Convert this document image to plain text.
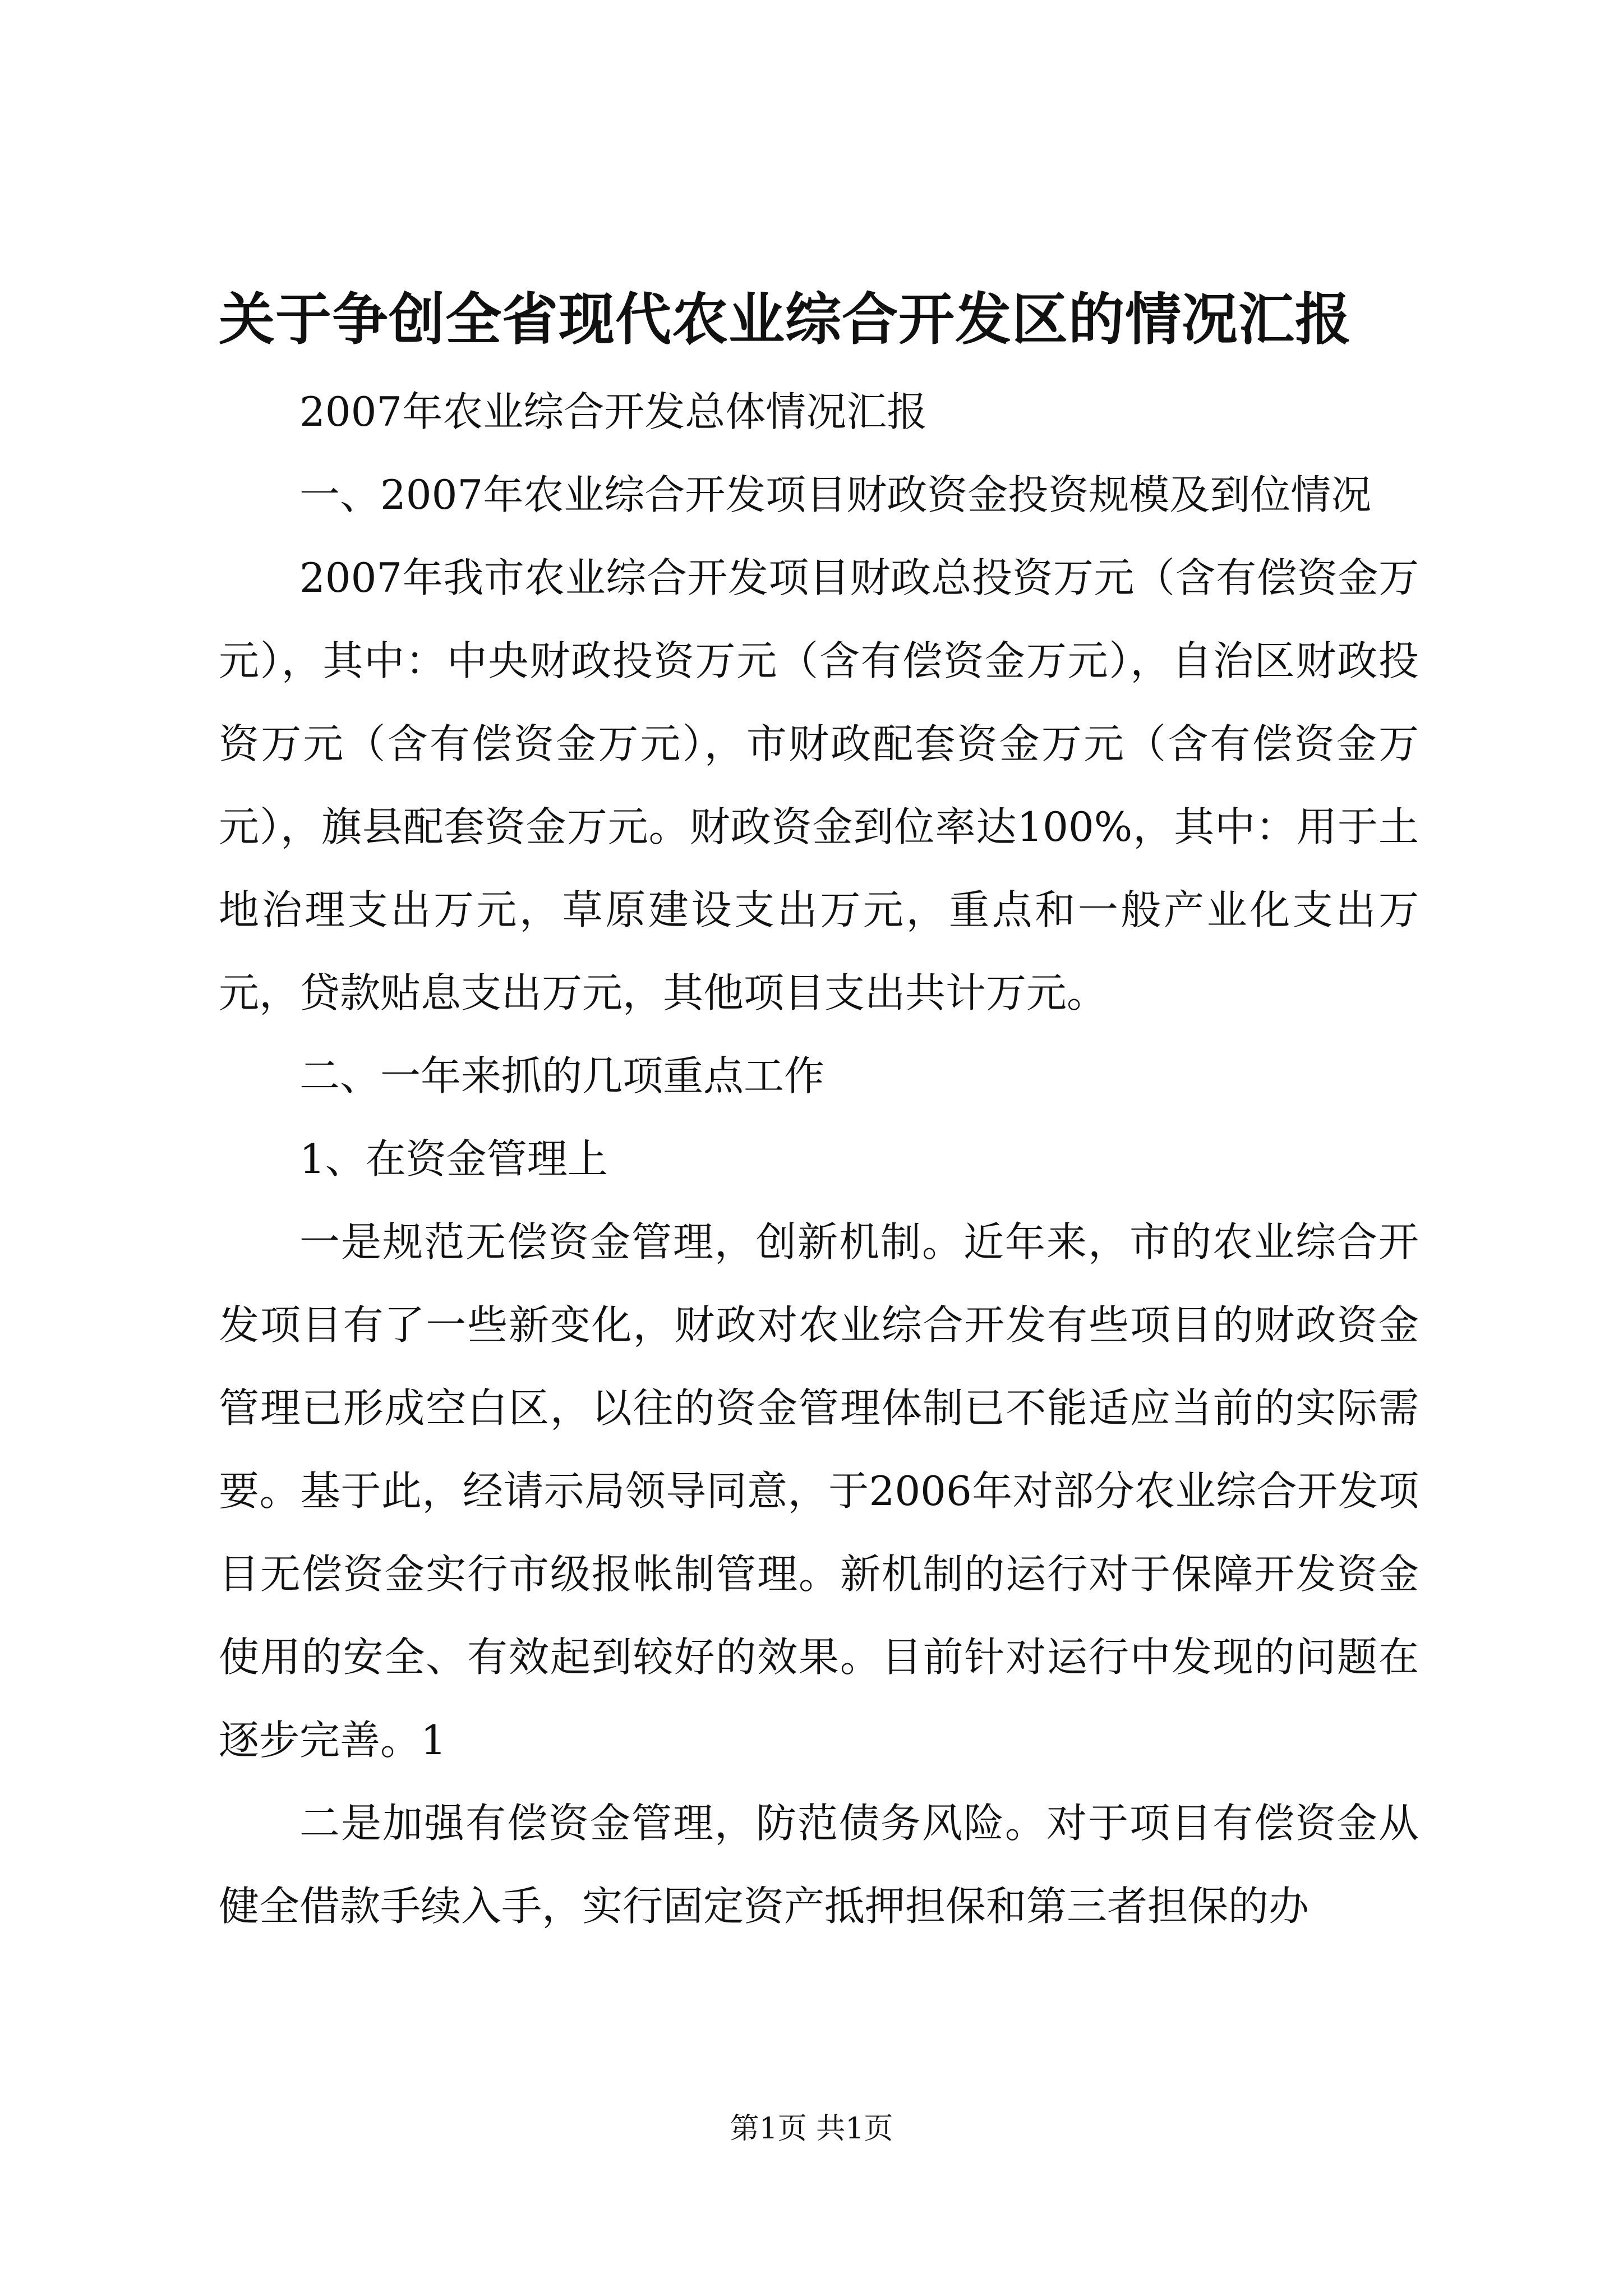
关于争创全省现代农业综合开发区的情况汇报

2007年农业综合开发总体情况汇报

一、2007年农业综合开发项目财政资金投资规模及到位情况

2007年我市农业综合开发项目财政总投资万元（含有偿资金万元），其中：中央财政投资万元（含有偿资金万元），自治区财政投资万元（含有偿资金万元），市财政配套资金万元（含有偿资金万元），旗县配套资金万元。财政资金到位率达100%，其中：用于土地治理支出万元，草原建设支出万元，重点和一般产业化支出万元，贷款贴息支出万元，其他项目支出共计万元。

二、一年来抓的几项重点工作

1、在资金管理上

一是规范无偿资金管理，创新机制。近年来，市的农业综合开发项目有了一些新变化，财政对农业综合开发有些项目的财政资金管理已形成空白区，以往的资金管理体制已不能适应当前的实际需要。基于此，经请示局领导同意，于2006年对部分农业综合开发项目无偿资金实行市级报帐制管理。新机制的运行对于保障开发资金使用的安全、有效起到较好的效果。目前针对运行中发现的问题在逐步完善。1

二是加强有偿资金管理，防范债务风险。对于项目有偿资金从健全借款手续入手，实行固定资产抵押担保和第三者担保的办

第1页 共1页
